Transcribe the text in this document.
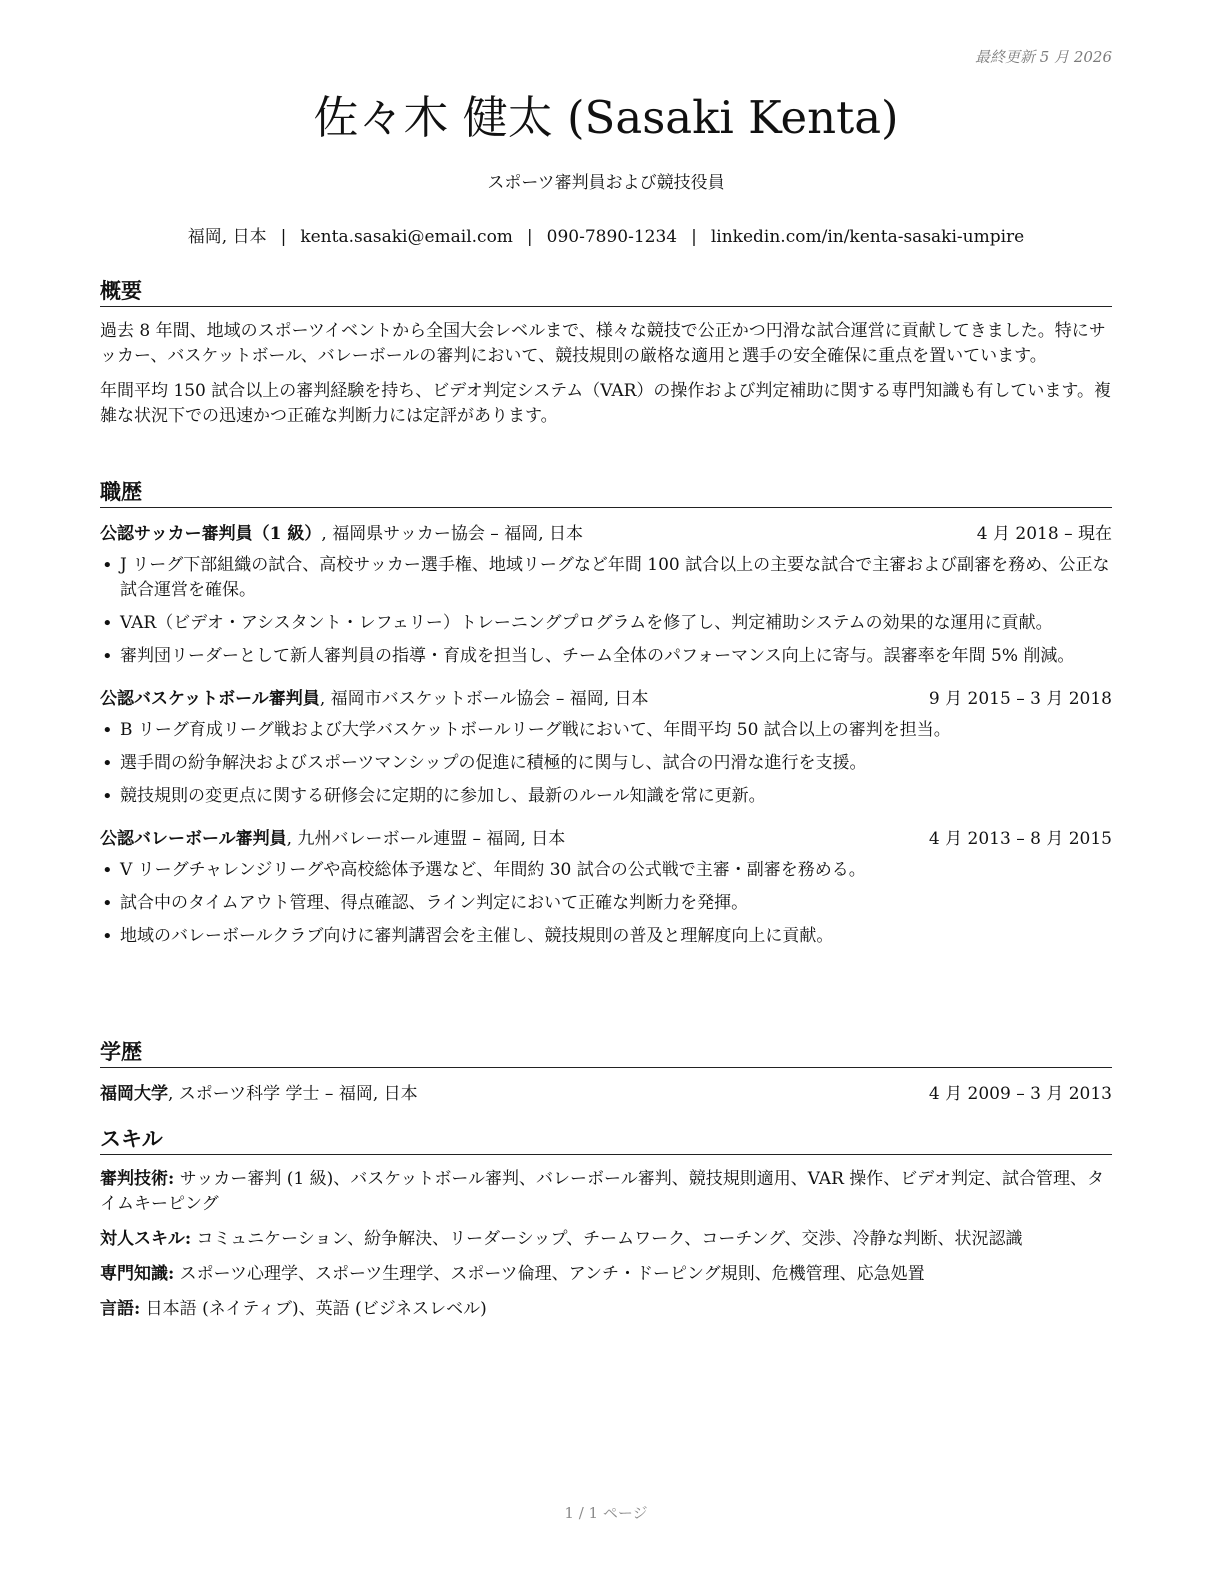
最終更新 5 月 2026
佐々木 健太 (Sasaki Kenta)
スポーツ審判員および競技役員
福岡, 日本 | kenta.sasaki@email.com | 090-7890-1234 | linkedin.com/in/kenta-sasaki-umpire
概要

過去 8 年間、地域のスポーツイベントから全国大会レベルまで、様々な競技で公正かつ円滑な試合運営に貢献してきました。特にサッカー、バスケットボール、バレーボールの審判において、競技規則の厳格な適用と選手の安全確保に重点を置いています。

年間平均 150 試合以上の審判経験を持ち、ビデオ判定システム（VAR）の操作および判定補助に関する専門知識も有しています。複雑な状況下での迅速かつ正確な判断力には定評があります。

職歴
公認サッカー審判員（1 級）, 福岡県サッカー協会 – 福岡, 日本	4 月 2018 – 現在
• J リーグ下部組織の試合、高校サッカー選手権、地域リーグなど年間 100 試合以上の主要な試合で主審および副審を務め、公正な試合運営を確保。
• VAR（ビデオ・アシスタント・レフェリー）トレーニングプログラムを修了し、判定補助システムの効果的な運用に貢献。
• 審判団リーダーとして新人審判員の指導・育成を担当し、チーム全体のパフォーマンス向上に寄与。誤審率を年間 5% 削減。
公認バスケットボール審判員, 福岡市バスケットボール協会 – 福岡, 日本	9 月 2015 – 3 月 2018
• B リーグ育成リーグ戦および大学バスケットボールリーグ戦において、年間平均 50 試合以上の審判を担当。
• 選手間の紛争解決およびスポーツマンシップの促進に積極的に関与し、試合の円滑な進行を支援。
• 競技規則の変更点に関する研修会に定期的に参加し、最新のルール知識を常に更新。
公認バレーボール審判員, 九州バレーボール連盟 – 福岡, 日本	4 月 2013 – 8 月 2015
• V リーグチャレンジリーグや高校総体予選など、年間約 30 試合の公式戦で主審・副審を務める。
• 試合中のタイムアウト管理、得点確認、ライン判定において正確な判断力を発揮。
• 地域のバレーボールクラブ向けに審判講習会を主催し、競技規則の普及と理解度向上に貢献。
学歴
福岡大学, スポーツ科学 学士 – 福岡, 日本	4 月 2009 – 3 月 2013
スキル

審判技術: サッカー審判 (1 級)、バスケットボール審判、バレーボール審判、競技規則適用、VAR 操作、ビデオ判定、試合管理、タイムキーピング

対人スキル: コミュニケーション、紛争解決、リーダーシップ、チームワーク、コーチング、交渉、冷静な判断、状況認識

専門知識: スポーツ心理学、スポーツ生理学、スポーツ倫理、アンチ・ドーピング規則、危機管理、応急処置

言語: 日本語 (ネイティブ)、英語 (ビジネスレベル)

1 / 1 ページ
